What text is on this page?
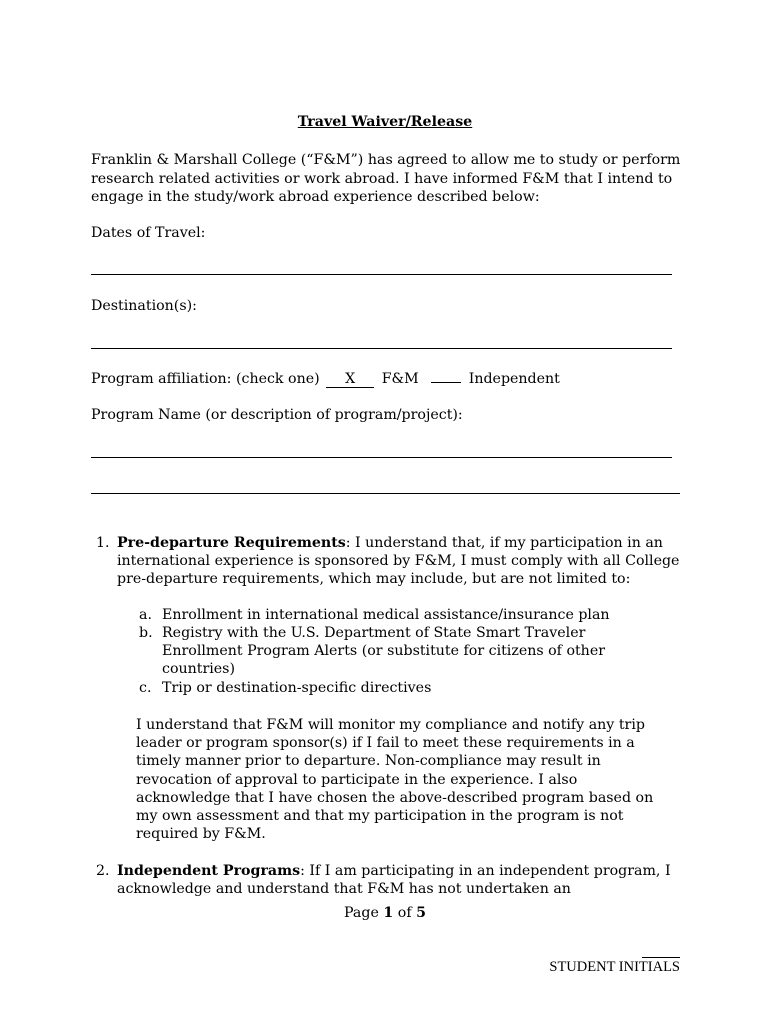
Travel Waiver/Release
Franklin & Marshall College (“F&M”) has agreed to allow me to study or perform research related activities or work abroad. I have informed F&M that I intend to engage in the study/work abroad experience described below:
Dates of Travel:
Destination(s):
Program affiliation: (check one) X F&M	Independent
Program Name (or description of program/project):
1. Pre-departure Requirements: I understand that, if my participation in an international experience is sponsored by F&M, I must comply with all College pre-departure requirements, which may include, but are not limited to:
a. Enrollment in international medical assistance/insurance plan
b. Registry with the U.S. Department of State Smart Traveler Enrollment Program Alerts (or substitute for citizens of other countries)
c. Trip or destination-specific directives
I understand that F&M will monitor my compliance and notify any trip leader or program sponsor(s) if I fail to meet these requirements in a timely manner prior to departure. Non-compliance may result in revocation of approval to participate in the experience. I also acknowledge that I have chosen the above-described program based on my own assessment and that my participation in the program is not required by F&M.
2. Independent Programs: If I am participating in an independent program, I acknowledge and understand that F&M has not undertaken an
Page 1 of 5
STUDENT INITIALS
